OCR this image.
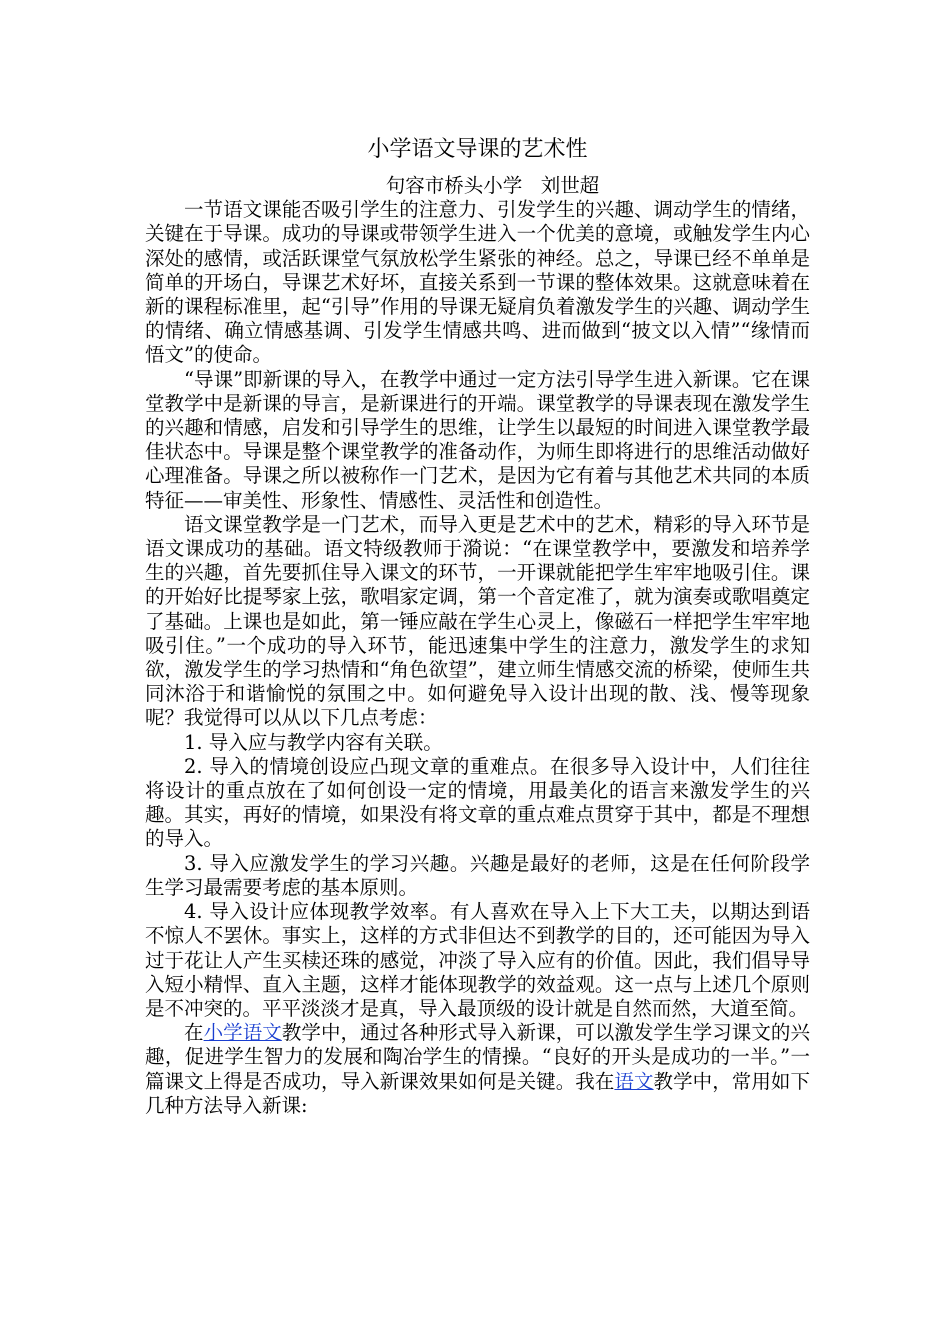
小学语文导课的艺术性
句容市桥头小学   刘世超

一节语文课能否吸引学生的注意力、引发学生的兴趣、调动学生的情绪，关键在于导课。成功的导课或带领学生进入一个优美的意境，或触发学生内心深处的感情，或活跃课堂气氛放松学生紧张的神经。总之，导课已经不单单是简单的开场白，导课艺术好坏，直接关系到一节课的整体效果。这就意味着在新的课程标准里，起“引导”作用的导课无疑肩负着激发学生的兴趣、调动学生的情绪、确立情感基调、引发学生情感共鸣、进而做到“披文以入情”“缘情而悟文”的使命。

“导课”即新课的导入，在教学中通过一定方法引导学生进入新课。它在课堂教学中是新课的导言，是新课进行的开端。课堂教学的导课表现在激发学生的兴趣和情感，启发和引导学生的思维，让学生以最短的时间进入课堂教学最佳状态中。导课是整个课堂教学的准备动作，为师生即将进行的思维活动做好心理准备。导课之所以被称作一门艺术，是因为它有着与其他艺术共同的本质特征——审美性、形象性、情感性、灵活性和创造性。

语文课堂教学是一门艺术，而导入更是艺术中的艺术，精彩的导入环节是语文课成功的基础。语文特级教师于漪说：“在课堂教学中，要激发和培养学生的兴趣，首先要抓住导入课文的环节，一开课就能把学生牢牢地吸引住。课的开始好比提琴家上弦，歌唱家定调，第一个音定准了，就为演奏或歌唱奠定了基础。上课也是如此，第一锤应敲在学生心灵上，像磁石一样把学生牢牢地吸引住。”一个成功的导入环节，能迅速集中学生的注意力，激发学生的求知欲，激发学生的学习热情和“角色欲望”，建立师生情感交流的桥梁，使师生共同沐浴于和谐愉悦的氛围之中。如何避免导入设计出现的散、浅、慢等现象呢？我觉得可以从以下几点考虑：

1. 导入应与教学内容有关联。

2. 导入的情境创设应凸现文章的重难点。在很多导入设计中，人们往往将设计的重点放在了如何创设一定的情境，用最美化的语言来激发学生的兴趣。其实，再好的情境，如果没有将文章的重点难点贯穿于其中，都是不理想的导入。

3. 导入应激发学生的学习兴趣。兴趣是最好的老师，这是在任何阶段学生学习最需要考虑的基本原则。

4. 导入设计应体现教学效率。有人喜欢在导入上下大工夫，以期达到语不惊人不罢休。事实上，这样的方式非但达不到教学的目的，还可能因为导入过于花让人产生买椟还珠的感觉，冲淡了导入应有的价值。因此，我们倡导导入短小精悍、直入主题，这样才能体现教学的效益观。这一点与上述几个原则是不冲突的。平平淡淡才是真，导入最顶级的设计就是自然而然，大道至简。

在小学语文教学中，通过各种形式导入新课，可以激发学生学习课文的兴趣，促进学生智力的发展和陶冶学生的情操。“良好的开头是成功的一半。”一篇课文上得是否成功，导入新课效果如何是关键。我在语文教学中，常用如下几种方法导入新课:
